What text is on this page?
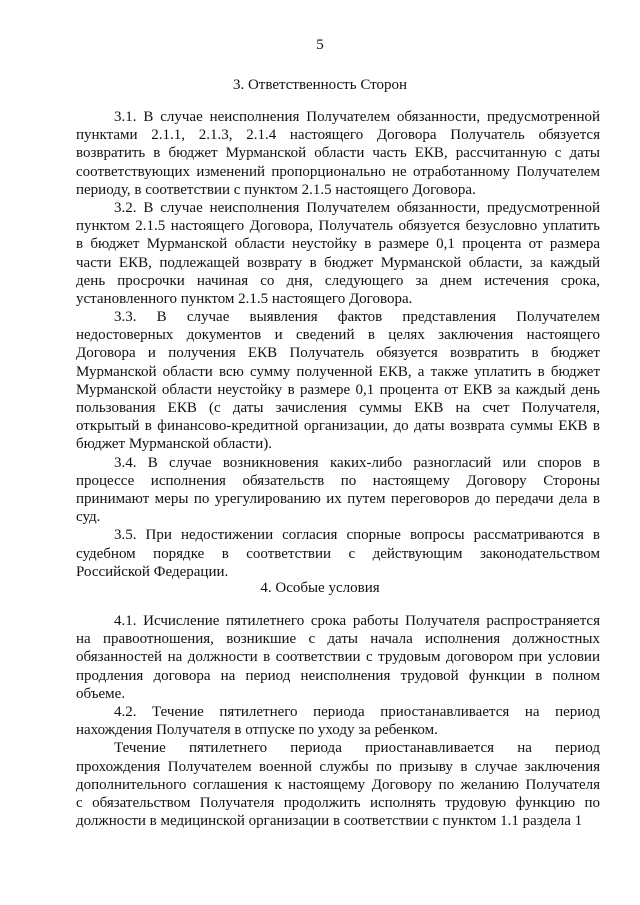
5
3. Ответственность Сторон
3.1. В случае неисполнения Получателем обязанности, предусмотренной
пунктами 2.1.1, 2.1.3, 2.1.4 настоящего Договора Получатель обязуется
возвратить в бюджет Мурманской области часть ЕКВ, рассчитанную с даты
соответствующих изменений пропорционально не отработанному Получателем
периоду, в соответствии с пунктом 2.1.5 настоящего Договора.
3.2. В случае неисполнения Получателем обязанности, предусмотренной
пунктом 2.1.5 настоящего Договора, Получатель обязуется безусловно уплатить
в бюджет Мурманской области неустойку в размере 0,1 процента от размера
части ЕКВ, подлежащей возврату в бюджет Мурманской области, за каждый
день просрочки начиная со дня, следующего за днем истечения срока,
установленного пунктом 2.1.5 настоящего Договора.
3.3. В случае выявления фактов представления Получателем
недостоверных документов и сведений в целях заключения настоящего
Договора и получения ЕКВ Получатель обязуется возвратить в бюджет
Мурманской области всю сумму полученной ЕКВ, а также уплатить в бюджет
Мурманской области неустойку в размере 0,1 процента от ЕКВ за каждый день
пользования ЕКВ (с даты зачисления суммы ЕКВ на счет Получателя,
открытый в финансово-кредитной организации, до даты возврата суммы ЕКВ в
бюджет Мурманской области).
3.4. В случае возникновения каких-либо разногласий или споров в
процессе исполнения обязательств по настоящему Договору Стороны
принимают меры по урегулированию их путем переговоров до передачи дела в
суд.
3.5. При недостижении согласия спорные вопросы рассматриваются в
судебном порядке в соответствии с действующим законодательством
Российской Федерации.
4. Особые условия
4.1. Исчисление пятилетнего срока работы Получателя распространяется
на правоотношения, возникшие с даты начала исполнения должностных
обязанностей на должности в соответствии с трудовым договором при условии
продления договора на период неисполнения трудовой функции в полном
объеме.
4.2. Течение пятилетнего периода приостанавливается на период
нахождения Получателя в отпуске по уходу за ребенком.
Течение пятилетнего периода приостанавливается на период
прохождения Получателем военной службы по призыву в случае заключения
дополнительного соглашения к настоящему Договору по желанию Получателя
с обязательством Получателя продолжить исполнять трудовую функцию по
должности в медицинской организации в соответствии с пунктом 1.1 раздела 1
